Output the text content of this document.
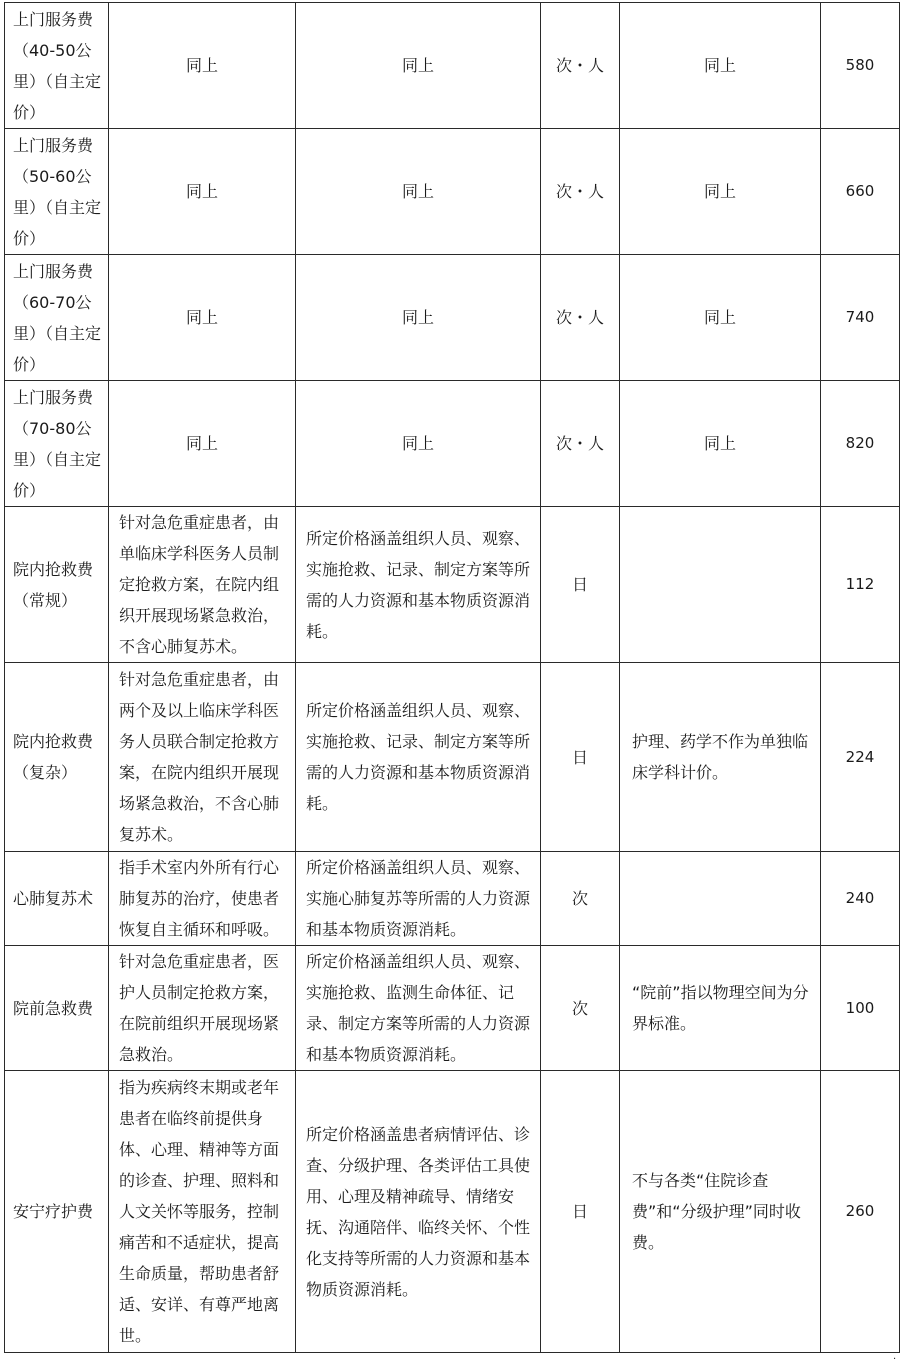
上门服务费（40-50公里）（自主定价）	同上	同上	次・人	同上	580
上门服务费（50-60公里）（自主定价）	同上	同上	次・人	同上	660
上门服务费（60-70公里）（自主定价）	同上	同上	次・人	同上	740
上门服务费（70-80公里）（自主定价）	同上	同上	次・人	同上	820
院内抢救费（常规）	针对急危重症患者，由单临床学科医务人员制定抢救方案，在院内组织开展现场紧急救治，不含心肺复苏术。	所定价格涵盖组织人员、观察、实施抢救、记录、制定方案等所需的人力资源和基本物质资源消耗。	日		112
院内抢救费（复杂）	针对急危重症患者，由两个及以上临床学科医务人员联合制定抢救方案，在院内组织开展现场紧急救治，不含心肺复苏术。	所定价格涵盖组织人员、观察、实施抢救、记录、制定方案等所需的人力资源和基本物质资源消耗。	日	护理、药学不作为单独临床学科计价。	224
心肺复苏术	指手术室内外所有行心肺复苏的治疗，使患者恢复自主循环和呼吸。	所定价格涵盖组织人员、观察、实施心肺复苏等所需的人力资源和基本物质资源消耗。	次		240
院前急救费	针对急危重症患者，医护人员制定抢救方案，在院前组织开展现场紧急救治。	所定价格涵盖组织人员、观察、实施抢救、监测生命体征、记录、制定方案等所需的人力资源和基本物质资源消耗。	次	“院前”指以物理空间为分界标准。	100
安宁疗护费	指为疾病终末期或老年患者在临终前提供身体、心理、精神等方面的诊查、护理、照料和人文关怀等服务，控制痛苦和不适症状，提高生命质量，帮助患者舒适、安详、有尊严地离世。	所定价格涵盖患者病情评估、诊查、分级护理、各类评估工具使用、心理及精神疏导、情绪安抚、沟通陪伴、临终关怀、个性化支持等所需的人力资源和基本物质资源消耗。	日	不与各类“住院诊查费”和“分级护理”同时收费。	260
.
